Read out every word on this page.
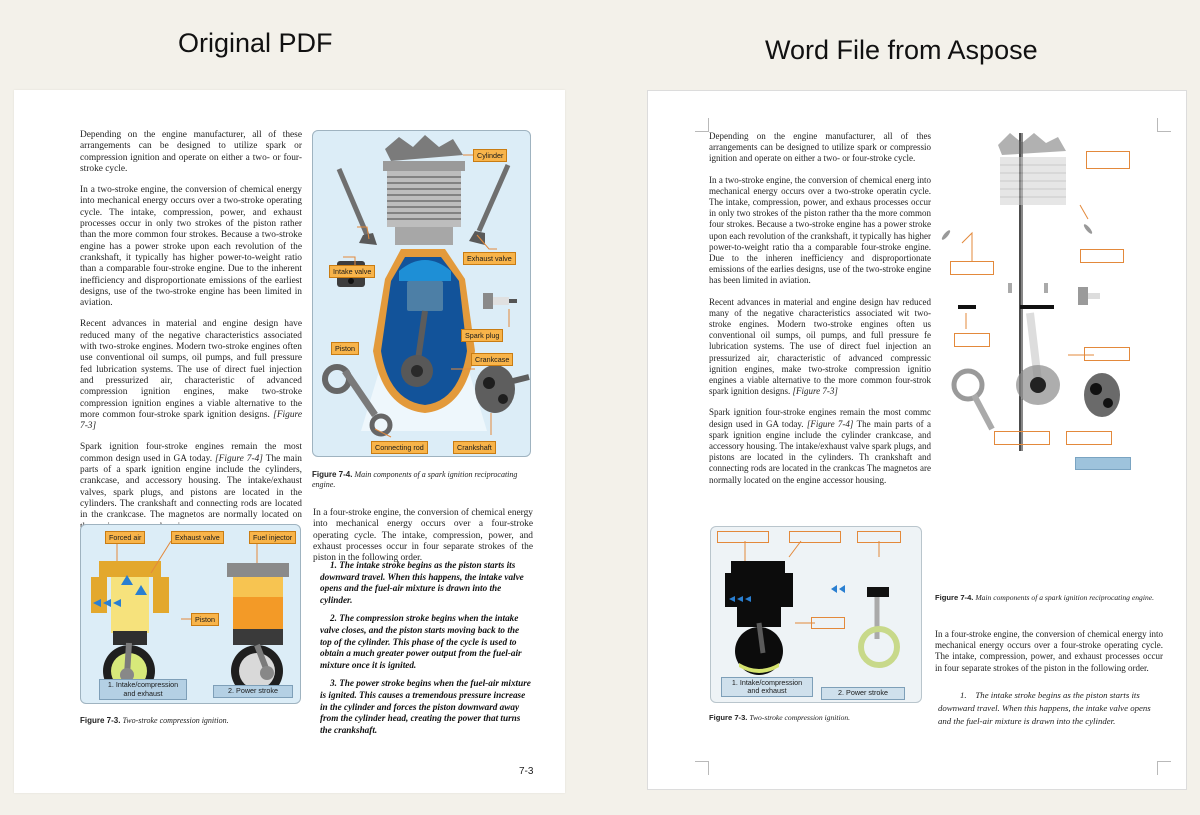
Original PDF	Word File from Aspose

Depending on the engine manufacturer, all of these arrangements can be designed to utilize spark or compression ignition and operate on either a two- or four-stroke cycle.

In a two-stroke engine, the conversion of chemical energy into mechanical energy occurs over a two-stroke operating cycle. The intake, compression, power, and exhaust processes occur in only two strokes of the piston rather than the more common four strokes. Because a two-stroke engine has a power stroke upon each revolution of the crankshaft, it typically has higher power-to-weight ratio than a comparable four-stroke engine. Due to the inherent inefficiency and disproportionate emissions of the earliest designs, use of the two-stroke engine has been limited in aviation.

Recent advances in material and engine design have reduced many of the negative characteristics associated with two-stroke engines. Modern two-stroke engines often use conventional oil sumps, oil pumps, and full pressure fed lubrication systems. The use of direct fuel injection and pressurized air, characteristic of advanced compression ignition engines, make two-stroke compression ignition engines a viable alternative to the more common four-stroke spark ignition designs. [Figure 7-3]

Spark ignition four-stroke engines remain the most common design used in GA today. [Figure 7-4] The main parts of a spark ignition engine include the cylinders, crankcase, and accessory housing. The intake/exhaust valves, spark plugs, and pistons are located in the cylinders. The crankshaft and connecting rods are located in the crankcase. The magnetos are normally located on

Cylinder
Intake valve
Exhaust valve
Piston
Spark plug
Crankcase
Connecting rod	Crankshaft
Figure 7-4. Main components of a spark ignition reciprocating engine.
Forced air	Exhaust valve	Fuel injector
Piston
1. Intake/compression and exhaust	2. Power stroke
Figure 7-3. Two-stroke compression ignition.

In a four-stroke engine, the conversion of chemical energy into mechanical energy occurs over a four-stroke operating cycle. The intake, compression, power, and exhaust processes occur in four separate strokes of the piston in the following order.

1. The intake stroke begins as the piston starts its downward travel. When this happens, the intake valve opens and the fuel-air mixture is drawn into the cylinder.

2. The compression stroke begins when the intake valve closes, and the piston starts moving back to the top of the cylinder. This phase of the cycle is used to obtain a much greater power output from the fuel-air mixture once it is ignited.

3. The power stroke begins when the fuel-air mixture is ignited. This causes a tremendous pressure increase in the cylinder and forces the piston downward away from the cylinder head, creating the power that turns the crankshaft.

7-3

Depending on the engine manufacturer, all of thes arrangements can be designed to utilize spark or compressio ignition and operate on either a two- or four-stroke cycle.

In a two-stroke engine, the conversion of chemical energ into mechanical energy occurs over a two-stroke operatin cycle. The intake, compression, power, and exhaus processes occur in only two strokes of the piston rather tha the more common four strokes. Because a two-stroke engine has a power stroke upon each revolution of the crankshaft, it typically has higher power-to-weight ratio tha a comparable four-stroke engine. Due to the inheren inefficiency and disproportionate emissions of the earlies designs, use of the two-stroke engine has been limited in aviation.

Recent advances in material and engine design hav reduced many of the negative characteristics associated wit two-stroke engines. Modern two-stroke engines often us conventional oil sumps, oil pumps, and full pressure fe lubrication systems. The use of direct fuel injection an pressurized air, characteristic of advanced compressic ignition engines, make two-stroke compression ignitio engines a viable alternative to the more common four-strok spark ignition designs. [Figure 7-3]

Spark ignition four-stroke engines remain the most commc design used in GA today. [Figure 7-4] The main parts of a spark ignition engine include the cylinder crankcase, and accessory housing. The intake/exhaust valve spark plugs, and pistons are located in the cylinders. Th crankshaft and connecting rods are located in the crankcas The magnetos are normally located on the engine accessor housing.

1. Intake/compression and exhaust	2. Power stroke
Figure 7-3. Two-stroke compression ignition.
Figure 7-4. Main components of a spark ignition reciprocating engine.

In a four-stroke engine, the conversion of chemical energy into mechanical energy occurs over a four-stroke operating cycle. The intake, compression, power, and exhaust processes occur in four separate strokes of the piston in the following order.

1. The intake stroke begins as the piston starts its downward travel. When this happens, the intake valve opens and the fuel-air mixture is drawn into the cylinder.
